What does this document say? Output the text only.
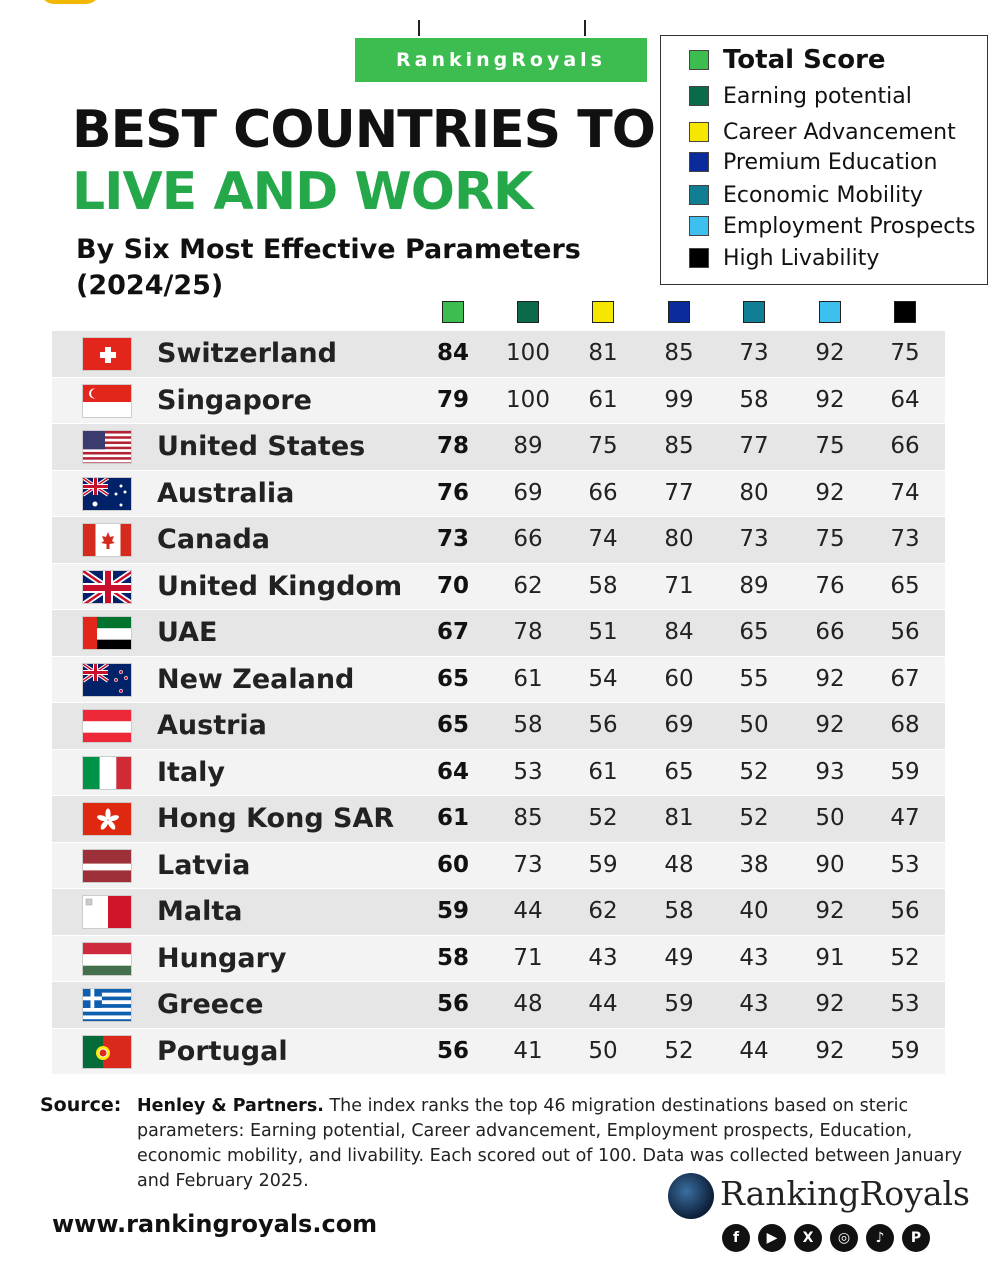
RankingRoyals
BEST COUNTRIES TO
LIVE AND WORK
By Six Most Effective Parameters (2024/25)
Total Score
Earning potential
Career Advancement
Premium Education
Economic Mobility
Employment Prospects
High Livability
Switzerland	84	100	81	85	73	92	75
Singapore	79	100	61	99	58	92	64
United States	78	89	75	85	77	75	66
Australia	76	69	66	77	80	92	74
Canada	73	66	74	80	73	75	73
United Kingdom	70	62	58	71	89	76	65
UAE	67	78	51	84	65	66	56
New Zealand	65	61	54	60	55	92	67
Austria	65	58	56	69	50	92	68
Italy	64	53	61	65	52	93	59
Hong Kong SAR	61	85	52	81	52	50	47
Latvia	60	73	59	48	38	90	53
Malta	59	44	62	58	40	92	56
Hungary	58	71	43	49	43	91	52
Greece	56	48	44	59	43	92	53
Portugal	56	41	50	52	44	92	59
Source: Henley & Partners. The index ranks the top 46 migration destinations based on steric parameters: Earning potential, Career advancement, Employment prospects, Education, economic mobility, and livability. Each scored out of 100. Data was collected between January and February 2025.
www.rankingroyals.com
RankingRoyals
f	▶	X	◎	♪	P
